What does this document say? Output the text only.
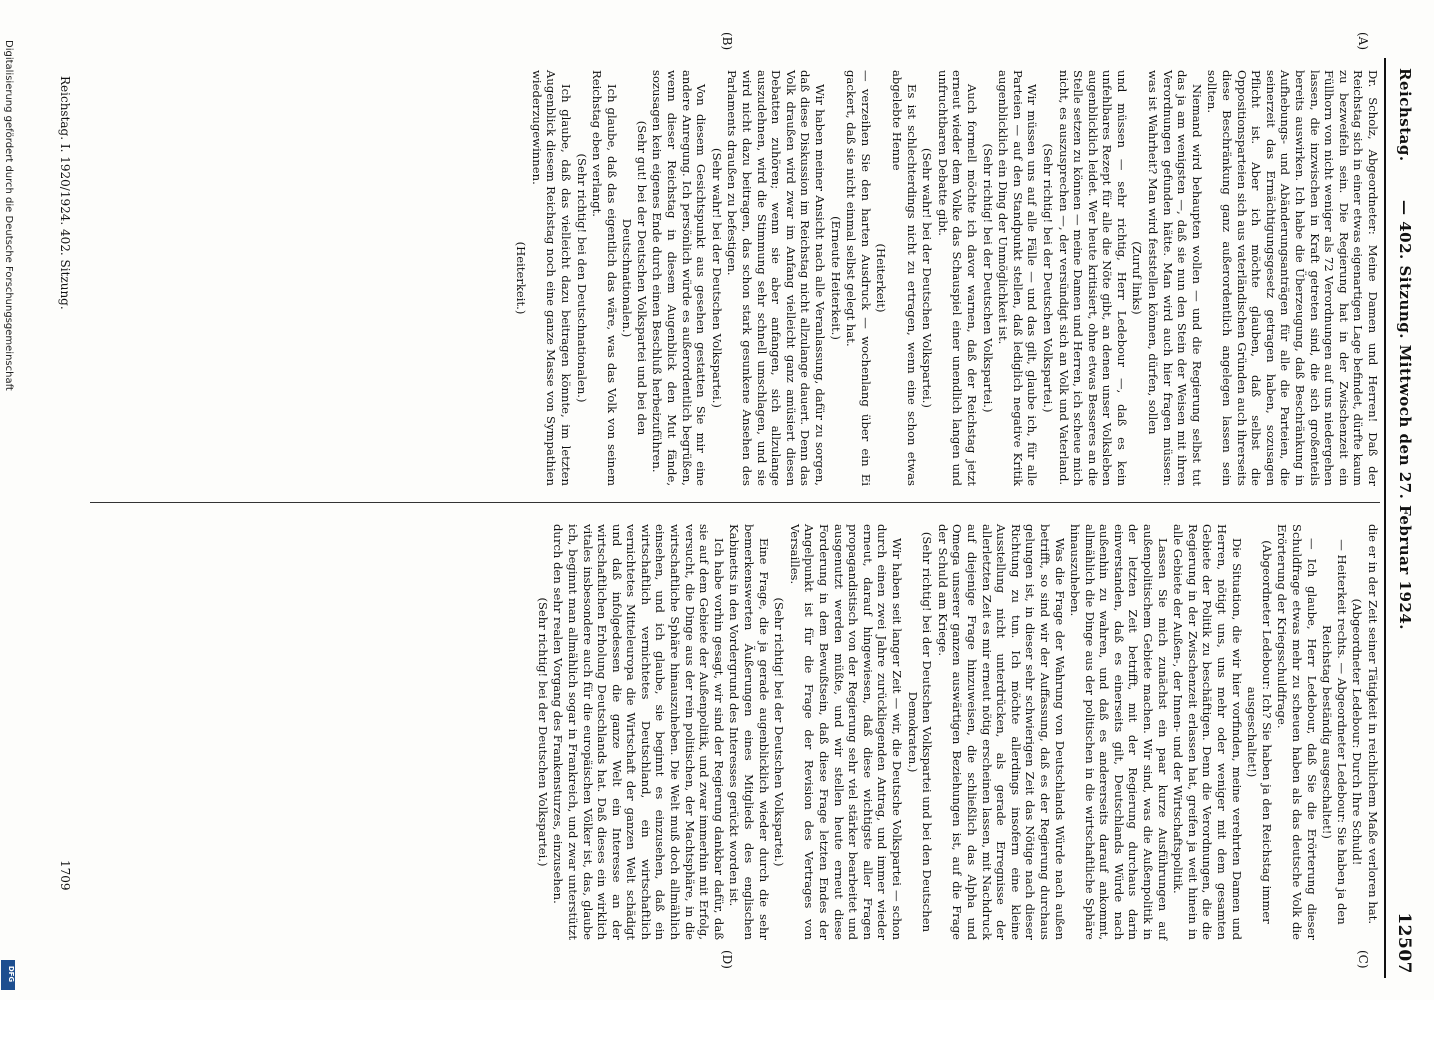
Reichstag.
— 402. Sitzung. Mittwoch den 27. Februar 1924.
12507
(A)
(B)
(C)
(D)

Dr. Scholz, Abgeordneter: Meine Damen und Herren! Daß der Reichstag sich in einer etwas eigenartigen Lage befindet, dürfte kaum zu bezweifeln sein. Die Regierung hat in der Zwischenzeit ein Füllhorn von nicht weniger als 72 Verordnungen auf uns niedergehen lassen, die inzwischen in Kraft getreten sind, die sich großenteils bereits auswirken. Ich habe die Überzeugung, daß Beschränkung in Aufhebungs- und Abänderungsanträgen für alle die Parteien, die seinerzeit das Ermächtigungsgesetz getragen haben, sozusagen Pflicht ist. Aber ich möchte glauben, daß selbst die Oppositionsparteien sich aus vaterländischen Gründen auch ihrerseits diese Beschränkung ganz außerordentlich angelegen lassen sein sollten.

Niemand wird behaupten wollen — und die Regierung selbst tut das ja am wenigsten —, daß sie nun den Stein der Weisen mit ihren Verordnungen gefunden hätte. Man wird auch hier fragen müssen: was ist Wahrheit? Man wird feststellen können, dürfen, sollen

(Zuruf links)

und müssen — sehr richtig, Herr Ledebour —, daß es kein unfehlbares Rezept für alle die Nöte gibt, an denen unser Volksleben augenblicklich leidet. Wer heute kritisiert, ohne etwas Besseres an die Stelle setzen zu können — meine Damen und Herren, ich scheue mich nicht, es auszusprechen —, der versündigt sich an Volk und Vaterland.

(Sehr richtig! bei der Deutschen Volkspartei.)

Wir müssen uns auf alle Fälle — und das gilt, glaube ich, für alle Parteien — auf den Standpunkt stellen, daß lediglich negative Kritik augenblicklich ein Ding der Unmöglichkeit ist.

(Sehr richtig! bei der Deutschen Volkspartei.)

Auch formell möchte ich davor warnen, daß der Reichstag jetzt erneut wieder dem Volke das Schauspiel einer unendlich langen und unfruchtbaren Debatte gibt.

(Sehr wahr! bei der Deutschen Volkspartei.)

Es ist schlechterdings nicht zu ertragen, wenn eine schon etwas abgelebte Henne

(Heiterkeit)

— verzeihen Sie den harten Ausdruck — wochenlang über ein Ei gackert, daß sie nicht einmal selbst gelegt hat.

(Erneute Heiterkeit.)

Wir haben meiner Ansicht nach alle Veranlassung, dafür zu sorgen, daß diese Diskussion im Reichstag nicht allzulange dauert. Denn das Volk draußen wird zwar im Anfang vielleicht ganz amüsiert diesen Debatten zuhören; wenn sie aber anfangen, sich allzulange auszudehnen, wird die Stimmung sehr schnell umschlagen, und sie wird nicht dazu beitragen, das schon stark gesunkene Ansehen des Parlaments draußen zu befestigen.

(Sehr wahr! bei der Deutschen Volkspartei.)

Von diesem Gesichtspunkt aus gesehen gestatten Sie mir eine andere Anregung. Ich persönlich würde es außerordentlich begrüßen, wenn dieser Reichstag in diesem Augenblick den Mut fände, sozusagen kein eigenes Ende durch einen Beschluß herbeizuführen.

(Sehr gut! bei der Deutschen Volkspartei und bei den Deutschnationalen.)

Ich glaube, daß das eigentlich das wäre, was das Volk von seinem Reichstag eben verlangt.

(Sehr richtig! bei den Deutschnationalen.)

Ich glaube, daß das vielleicht dazu beitragen könnte, im letzten Augenblick diesem Reichstag noch eine ganze Masse von Sympathien wiederzugewinnen.

(Heiterkeit.)

die er in der Zeit seiner Tätigkeit in reichlichem Maße verloren hat.

(Abgeordneter Ledebour: Durch Ihre Schuld!

— Heiterkeit rechts. — Abgeordneter Ledebour: Sie haben ja den Reichstag beständig ausgeschaltet!)

— Ich glaube, Herr Ledebour, daß Sie die Erörterung dieser Schuldfrage etwas mehr zu scheuen haben als das deutsche Volk die Erörterung der Kriegsschuldfrage.

(Abgeordneter Ledebour: Ich? Sie haben ja den Reichstag immer ausgeschaltet!)

Die Situation, die wir hier vorfinden, meine verehrten Damen und Herren, nötigt uns, uns mehr oder weniger mit dem gesamten Gebiete der Politik zu beschäftigen. Denn die Verordnungen, die die Regierung in der Zwischenzeit erlassen hat, greifen ja weit hinein in alle Gebiete der Außen-, der Innen- und der Wirtschaftspolitik.

Lassen Sie mich zunächst ein paar kurze Ausführungen auf außenpolitischem Gebiete machen. Wir sind, was die Außenpolitik in der letzten Zeit betrifft, mit der Regierung durchaus darin einverstanden, daß es einerseits gilt, Deutschlands Würde nach außenhin zu wahren, und daß es andererseits darauf ankommt, allmählich die Dinge aus der politischen in die wirtschaftliche Sphäre hinauszuheben.

Was die Frage der Wahrung von Deutschlands Würde nach außen betrifft, so sind wir der Auffassung, daß es der Regierung durchaus gelungen ist, in dieser sehr schwierigen Zeit das Nötige nach dieser Richtung zu tun. Ich möchte allerdings insofern eine kleine Ausstellung nicht unterdrücken, als gerade Erregnisse der allerletzten Zeit es mir erneut nötig erscheinen lassen, mit Nachdruck auf diejenige Frage hinzuweisen, die schließlich das Alpha und Omega unserer ganzen auswärtigen Beziehungen ist, auf die Frage der Schuld am Kriege.

(Sehr richtig! bei der Deutschen Volkspartei und bei den Deutschen Demokraten.)

Wir haben seit langer Zeit — wir, die Deutsche Volkspartei — schon durch einen zwei Jahre zurückliegenden Antrag, und immer wieder erneut, darauf hingewiesen, daß diese wichtigste aller Fragen propagandistisch von der Regierung sehr viel stärker bearbeitet und ausgenutzt werden müßte, und wir stellen heute erneut diese Forderung in dem Bewußtsein, daß diese Frage letzten Endes der Angelpunkt ist für die Frage der Revision des Vertrages von Versailles.

(Sehr richtig! bei der Deutschen Volkspartei.)

Eine Frage, die ja gerade augenblicklich wieder durch die sehr bemerkenswerten Äußerungen eines Mitglieds des englischen Kabinetts in den Vordergrund des Interesses gerückt worden ist.

Ich habe vorhin gesagt, wir sind der Regierung dankbar dafür, daß sie auf dem Gebiete der Außenpolitik, und zwar immerhin mit Erfolg, versucht, die Dinge aus der rein politischen, der Machtsphäre, in die wirtschaftliche Sphäre hinauszuheben. Die Welt muß doch allmählich einsehen, und ich glaube, sie beginnt es einzusehen, daß ein wirtschaftlich vernichtetes Deutschland, ein wirtschaftlich vernichtetes Mitteleuropa die Wirtschaft der ganzen Welt schädigt und daß infolgedessen die ganze Welt ein Interesse an der wirtschaftlichen Erholung Deutschlands hat. Daß dieses ein wirklich vitales insbesondere auch für die europäischen Völker ist, das, glaube ich, beginnt man allmählich sogar in Frankreich, und zwar unterstützt durch den sehr realen Vorgang des Frankensturzes, einzusehen.

(Sehr richtig! bei der Deutschen Volkspartei.)

Reichstag. I. 1920/1924. 402. Sitzung.
1709
Digitalisierung gefördert durch die Deutsche Forschungsgemeinschaft
DFG
